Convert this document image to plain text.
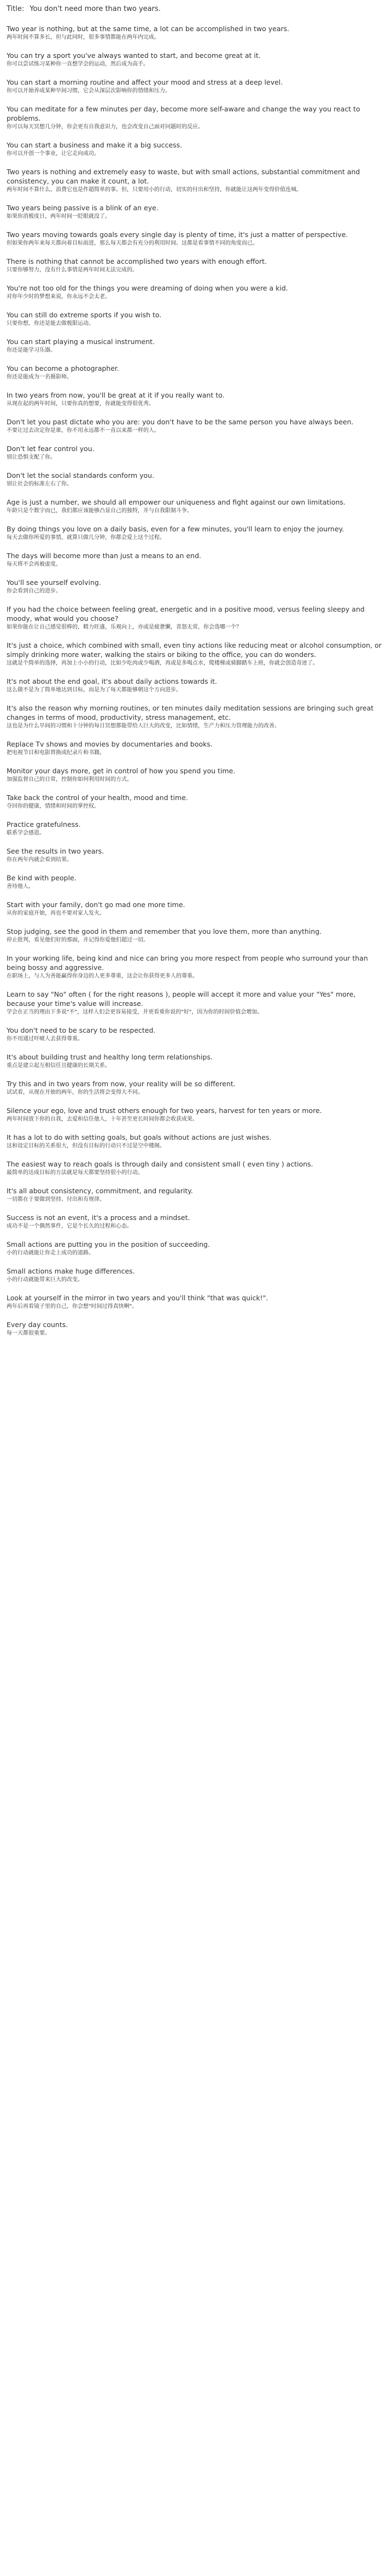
Title: You don't need more than two years.

Two year is nothing, but at the same time, a lot can be accomplished in two years.

两年时间不算多长，但与此同时，很多事情都能在两年内完成。

You can try a sport you've always wanted to start, and become great at it.

你可以尝试练习某种你一直想学会的运动，然后成为高手。

You can start a morning routine and affect your mood and stress at a deep level.

你可以开始养成某种早间习惯，它会从深层次影响你的情绪和压力。

You can meditate for a few minutes per day, become more self-aware and change the way you react to problems.

你可以每天冥想几分钟，你会更有自我意识力，也会改变自己面对问题时的反应。

You can start a business and make it a big success.

你可以开创一个事业，让它走向成功。

Two years is nothing and extremely easy to waste, but with small actions, substantial commitment and consistency, you can make it count, a lot.

两年时间不算什么，浪费它也是件超简单的事。但，只要用小的行动，切实的付出和坚持，你就能让这两年变得价值连城。

Two years being passive is a blink of an eye.

如果你消极度日，两年时间一眨眼就没了。

Two years moving towards goals every single day is plenty of time, it's just a matter of perspective.

但如果你两年来每天都向着目标前进，那么每天都会有充分的利用时间。这都是看事情不同的角度而已。

There is nothing that cannot be accomplished two years with enough effort.

只要你够努力，没有什么事情是两年时间无法完成的。

You're not too old for the things you were dreaming of doing when you were a kid.

对你年少时的梦想来说，你永远不会太老。

You can still do extreme sports if you wish to.

只要你想，你还是能去做极限运动。

You can start playing a musical instrument.

你还是能学习乐器。

You can become a photographer.

你还是能成为一名摄影师。

In two years from now, you'll be great at it if you really want to.

从现在起的两年时间，只要你真的想要，你就能变得很优秀。

Don't let you past dictate who you are: you don't have to be the same person you have always been.

不要让过去决定你是谁，你不用永远都不一直以来都一样的人。

Don't let fear control you.

别让恐惧支配了你。

Don't let the social standards conform you.

别让社会的标准左右了你。

Age is just a number, we should all empower our uniqueness and fight against our own limitations.

年龄只是个数字而已，我们都应该能够凸显自己的独特，并与自我限制斗争。

By doing things you love on a daily basis, even for a few minutes, you'll learn to enjoy the journey.

每天去做你所爱的事情，就算只做几分钟，你都会爱上这个过程。

The days will become more than just a means to an end.

每天将不会再被虚度。

You'll see yourself evolving.

你会看到自己的进步。

If you had the choice between feeling great, energetic and in a positive mood, versus feeling sleepy and moody, what would you choose?

如果你能在让自己感觉很棒的，精力旺盛，乐观向上，亦或是疲惫懒，喜怒无常，你会选哪一个？

It's just a choice, which combined with small, even tiny actions like reducing meat or alcohol consumption, or simply drinking more water, walking the stairs or biking to the office, you can do wonders.

这就是个简单的选择，再加上小小的行动，比如少吃肉或少喝酒，再或是多喝点水，爬楼梯或骑脚踏车上班，你就会创造奇迹了。

It's not about the end goal, it's about daily actions towards it.

这么做不是为了简单地达到目标，而是为了每天都能够朝这个方向进步。

It's also the reason why morning routines, or ten minutes daily meditation sessions are bringing such great changes in terms of mood, productivity, stress management, etc.

这也是为什么早间的习惯和十分钟的每日冥想都能带给人巨大的改变，比如情绪，生产力和压力管理能力的改善。

Replace Tv shows and movies by documentaries and books.

把电视节目和电影替换成纪录片和书籍。

Monitor your days more, get in control of how you spend you time.

加强监督自己的日常，控制你如何利用时间的方式。

Take back the control of your health, mood and time.

夺回你的健康，情绪和时间的掌控权。

Practice gratefulness.

联系学会感恩。

See the results in two years.

你在两年内就会看到结果。

Be kind with people.

善待他人。

Start with your family, don't go mad one more time.

从你的家庭开始，再也不要对家人发火。

Stop judging, see the good in them and remember that you love them, more than anything.

停止批判，看见他们好的那面，并记得你爱他们超过一切。

In your working life, being kind and nice can bring you more respect from people who surround your than being bossy and aggressive.

在职场上，与人为善能赢得你身边的人更多尊重，这会让你获得更多人的尊重。

Learn to say "No" often ( for the right reasons ), people will accept it more and value your "Yes" more, because your time's value will increase.

学会在正当的理由下多说"不"，这样人们会更容易接受，并更看重你说的"好"，因为你的时间价值会增加。

You don't need to be scary to be respected.

你不用通过吓唬人去获得尊重。

It's about building trust and healthy long term relationships.

重点是建立起互相信任且健康的长期关系。

Try this and in two years from now, your reality will be so different.

试试看，从现在开始的两年，你的生活将会变得大不同。

Silence your ego, love and trust others enough for two years, harvest for ten years or more.

两年时间放下你的自我，去爱和信任他人，十年甚至更长时间你都会收获成果。

It has a lot to do with setting goals, but goals without actions are just wishes.

这和设定目标的关系很大，但没有目标的行动只不过是空中楼阁。

The easiest way to reach goals is through daily and consistent small ( even tiny ) actions.

最简单的达成目标的方法就是每天都要坚持很小的行动。

It's all about consistency, commitment, and regularity.

一切都在于要做到坚持、付出和有规律。

Success is not an event, it's a process and a mindset.

成功不是一个偶然事件，它是个长久的过程和心态。

Small actions are putting you in the position of succeeding.

小的行动就能让你走上成功的道路。

Small actions make huge differences.

小的行动就能带来巨大的改变。

Look at yourself in the mirror in two years and you'll think "that was quick!".

两年后再看镜子里的自己，你会想"时间过得真快啊"。

Every day counts.

每一天都很重要。
